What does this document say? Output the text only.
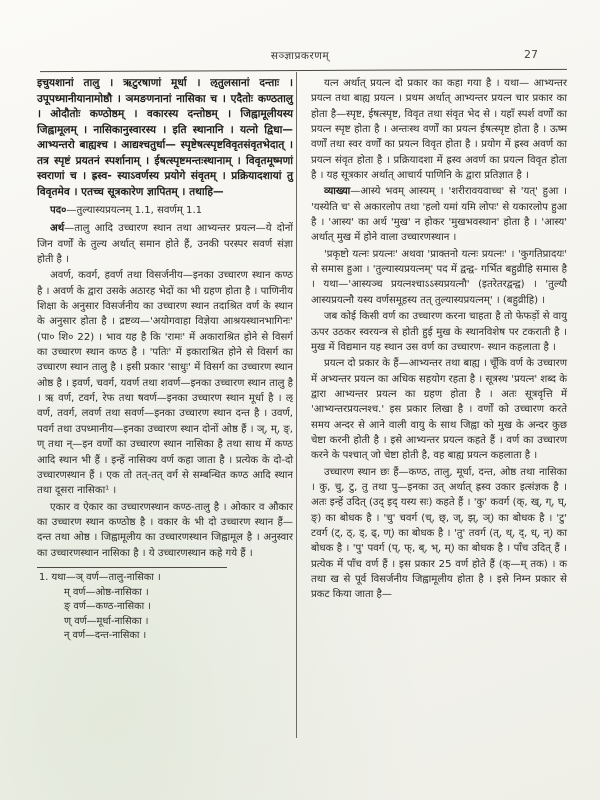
सञ्ज्ञाप्रकरणम्	27

इचुयशानां तालु । ऋटुरषाणां मूर्धा । ऌतुलसानां दन्ताः । उपूपध्मानीयानामोष्ठौ । ञमङणनानां नासिका च । एदैतोः कण्ठतालु । ओदौतोः कण्ठोष्ठम् । वकारस्य दन्तोष्ठम् । जिह्वामूलीयस्य जिह्वामूलम् । नासिकानुस्वारस्य । इति स्थानानि । यत्नो द्विधा—आभ्यन्तरो बाह्यश्च । आद्यश्चतुर्धा— स्पृष्टेषत्स्पृष्टविवृतसंवृतभेदात् । तत्र स्पृष्टं प्रयतनं स्पर्शानाम् । ईषत्स्पृष्टमन्तःस्थानाम् । विवृतमूष्मणां स्वराणां च । ह्रस्व- स्याऽवर्णस्य प्रयोगे संवृतम् । प्रक्रियादशायां तु विवृतमेव । एतच्च सूत्रकारेण ज्ञापितम् । तथाहि—

पद०—तुल्यास्यप्रयत्नम् 1.1, सवर्णम् 1.1

अर्थ—तालु आदि उच्चारण स्थान तथा आभ्यन्तर प्रयत्न—ये दोनों जिन वर्णों के तुल्य अर्थात् समान होते हैं, उनकी परस्पर सवर्ण संज्ञा होती है ।

अवर्ण, कवर्ग, हवर्ण तथा विसर्जनीय—इनका उच्चारण स्थान कण्ठ है । अवर्ण के द्वारा उसके अठारह भेदों का भी ग्रहण होता है । पाणिनीय शिक्षा के अनुसार विसर्जनीय का उच्चारण स्थान तदाश्रित वर्ण के स्थान के अनुसार होता है । द्रष्टव्य—'अयोगवाहा विज्ञेया आश्रयस्थानभागिनः' (पा० शि० 22) । भाव यह है कि 'रामः' में अकाराश्रित होने से विसर्ग का उच्चारण स्थान कण्ठ है । 'पतिः' में इकाराश्रित होने से विसर्ग का उच्चारण स्थान तालु है । इसी प्रकार 'साधुः' में विसर्ग का उच्चारण स्थान ओष्ठ है । इवर्ण, चवर्ग, यवर्ण तथा शवर्ण—इनका उच्चारण स्थान तालु है । ऋ वर्ण, टवर्ग, रेफ तथा षवर्ण—इनका उच्चारण स्थान मूर्धा है । ऌ वर्ण, तवर्ग, लवर्ण तथा सवर्ण—इनका उच्चारण स्थान दन्त है । उवर्ण, पवर्ग तथा उपध्मानीय—इनका उच्चारण स्थान दोनों ओष्ठ हैं । ञ्, म्, ङ्, ण् तथा न्—इन वर्णों का उच्चारण स्थान नासिका है तथा साथ में कण्ठ आदि स्थान भी हैं । इन्हें नासिक्य वर्ण कहा जाता है । प्रत्येक के दो-दो उच्चारणस्थान हैं । एक तो तत्-तत् वर्ग से सम्बन्धित कण्ठ आदि स्थान तथा दूसरा नासिका¹ ।

एकार व ऐकार का उच्चारणस्थान कण्ठ-तालु है । ओकार व औकार का उच्चारण स्थान कण्ठोष्ठ है । वकार के भी दो उच्चारण स्थान हैं—दन्त तथा ओष्ठ । जिह्वामूलीय का उच्चारणस्थान जिह्वामूल है । अनुस्वार का उच्चारणस्थान नासिका है । ये उच्चारणस्थान कहे गये हैं ।

1. यथा—ञ् वर्ण—तालु-नासिका ।
म् वर्ण—ओष्ठ-नासिका ।
ङ् वर्ण—कण्ठ-नासिका ।
ण् वर्ण—मूर्धा-नासिका ।
न् वर्ण—दन्त-नासिका ।

यत्न अर्थात् प्रयत्न दो प्रकार का कहा गया है । यथा— आभ्यन्तर प्रयत्न तथा बाह्य प्रयत्न । प्रथम अर्थात् आभ्यन्तर प्रयत्न चार प्रकार का होता है—स्पृष्ट, ईषत्स्पृष्ट, विवृत तथा संवृत भेद से । यहाँ स्पर्श वर्णों का प्रयत्न स्पृष्ट होता है । अन्तःस्थ वर्णों का प्रयत्न ईषत्स्पृष्ट होता है । ऊष्म वर्णों तथा स्वर वर्णों का प्रयत्न विवृत होता है । प्रयोग में ह्रस्व अवर्ण का प्रयत्न संवृत होता है । प्रक्रियादशा में ह्रस्व अवर्ण का प्रयत्न विवृत होता है । यह सूत्रकार अर्थात् आचार्य पाणिनि के द्वारा प्रतिज्ञात है ।

व्याख्या—आस्ये भवम् आस्यम् । 'शरीरावयवाच्च' से 'यत्' हुआ । 'यस्येति च' से अकारलोप तथा 'हलो यमां यमि लोपः' से यकारलोप हुआ है । 'आस्य' का अर्थ 'मुख' न होकर 'मुखभवस्थान' होता है । 'आस्य' अर्थात् मुख में होने वाला उच्चारणस्थान ।

'प्रकृष्टो यत्नः प्रयत्नः' अथवा 'प्राक्तनो यत्नः प्रयत्नः' । 'कुगतिप्रादयः' से समास हुआ । 'तुल्यास्यप्रयत्नम्' पद में द्वन्द्व- गर्भित बहुव्रीहि समास है । यथा—'आस्यञ्च प्रयत्नश्चाऽऽस्यप्रयत्नौ' (इतरेतरद्वन्द्व) । 'तुल्यौ आस्यप्रयत्नौ यस्य वर्णसमूहस्य तत् तुल्यास्यप्रयत्नम्' । (बहुव्रीहि) ।

जब कोई किसी वर्ण का उच्चारण करना चाहता है तो फेफड़ों से वायु ऊपर उठकर स्वरयन्त्र से होती हुई मुख के स्थानविशेष पर टकराती है । मुख में विद्यमान यह स्थान उस वर्ण का उच्चारण- स्थान कहलाता है ।

प्रयत्न दो प्रकार के हैं—आभ्यन्तर तथा बाह्य । चूँकि वर्ण के उच्चारण में अभ्यन्तर प्रयत्न का अधिक सहयोग रहता है । सूत्रस्थ 'प्रयत्न' शब्द के द्वारा आभ्यन्तर प्रयत्न का ग्रहण होता है । अतः सूत्रवृत्ति में 'आभ्यन्तरप्रयत्नश्च.' इस प्रकार लिखा है । वर्णों को उच्चारण करते समय अन्दर से आने वाली वायु के साथ जिह्वा को मुख के अन्दर कुछ चेष्टा करनी होती है । इसे आभ्यन्तर प्रयत्न कहते हैं । वर्ण का उच्चारण करने के पश्चात् जो चेष्टा होती है, वह बाह्य प्रयत्न कहलाता है ।

उच्चारण स्थान छः हैं—कण्ठ, तालु, मूर्धा, दन्त, ओष्ठ तथा नासिका । कु, चु, टु, तु तथा पु—इनका उत् अर्थात् ह्रस्व उकार इत्संज्ञक है । अतः इन्हें उदित् (उद् इद् यस्य सः) कहते हैं । 'कु' कवर्ग (क्, ख्, ग्, घ्, ङ्) का बोधक है । 'चु' चवर्ग (च्, छ्, ज्, झ्, ञ्) का बोधक है । 'टु' टवर्ग (ट्, ठ्, ड्, ढ्, ण्) का बोधक है । 'तु' तवर्ग (त्, थ्, द्, ध्, न्) का बोधक है । 'पु' पवर्ग (प्, फ्, ब्, भ्, म्) का बोधक है । पाँच उदित् हैं । प्रत्येक में पाँच वर्ण हैं । इस प्रकार 25 वर्ण होते हैं (क्—म् तक) । क तथा ख से पूर्व विसर्जनीय जिह्वामूलीय होता है । इसे निम्न प्रकार से प्रकट किया जाता है—
